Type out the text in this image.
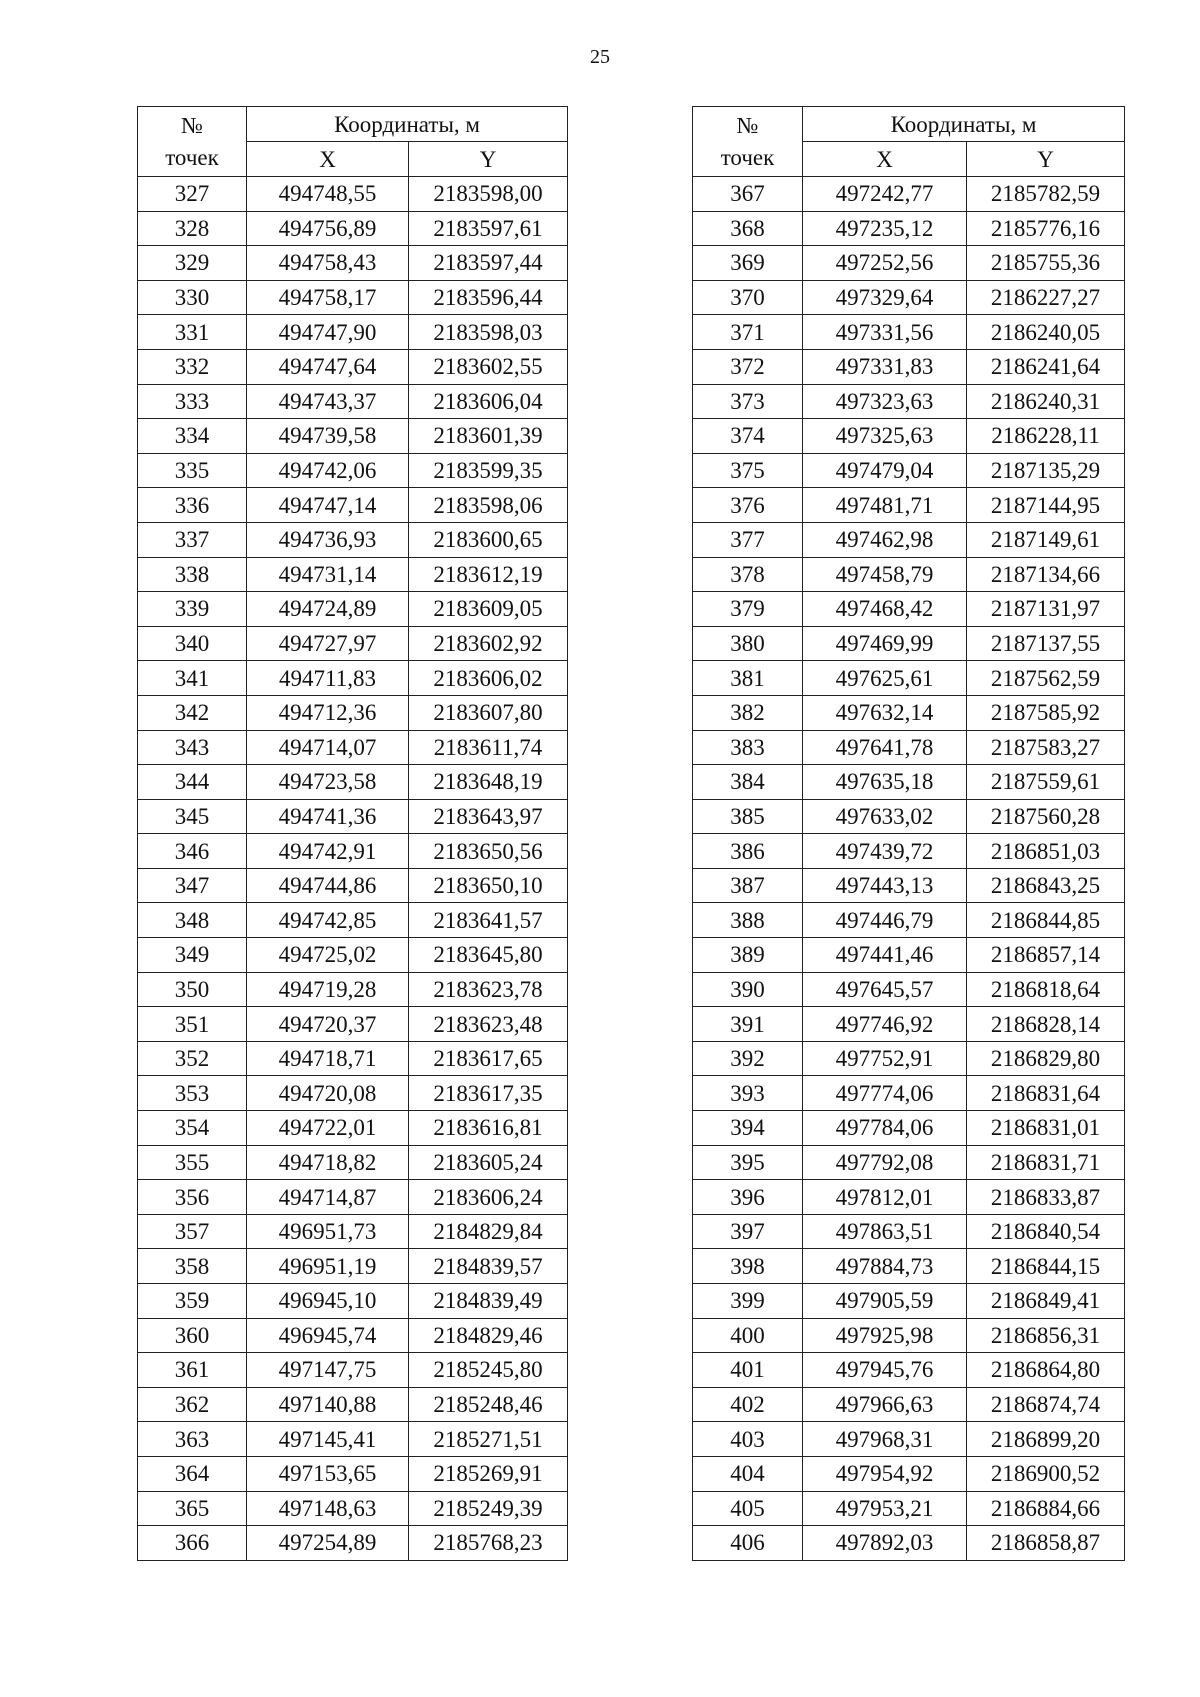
25
№
точек	Координаты, м	
	X	Y
327	494748,55	2183598,00
328	494756,89	2183597,61
329	494758,43	2183597,44
330	494758,17	2183596,44
331	494747,90	2183598,03
332	494747,64	2183602,55
333	494743,37	2183606,04
334	494739,58	2183601,39
335	494742,06	2183599,35
336	494747,14	2183598,06
337	494736,93	2183600,65
338	494731,14	2183612,19
339	494724,89	2183609,05
340	494727,97	2183602,92
341	494711,83	2183606,02
342	494712,36	2183607,80
343	494714,07	2183611,74
344	494723,58	2183648,19
345	494741,36	2183643,97
346	494742,91	2183650,56
347	494744,86	2183650,10
348	494742,85	2183641,57
349	494725,02	2183645,80
350	494719,28	2183623,78
351	494720,37	2183623,48
352	494718,71	2183617,65
353	494720,08	2183617,35
354	494722,01	2183616,81
355	494718,82	2183605,24
356	494714,87	2183606,24
357	496951,73	2184829,84
358	496951,19	2184839,57
359	496945,10	2184839,49
360	496945,74	2184829,46
361	497147,75	2185245,80
362	497140,88	2185248,46
363	497145,41	2185271,51
364	497153,65	2185269,91
365	497148,63	2185249,39
366	497254,89	2185768,23
№
точек	Координаты, м	
	X	Y
367	497242,77	2185782,59
368	497235,12	2185776,16
369	497252,56	2185755,36
370	497329,64	2186227,27
371	497331,56	2186240,05
372	497331,83	2186241,64
373	497323,63	2186240,31
374	497325,63	2186228,11
375	497479,04	2187135,29
376	497481,71	2187144,95
377	497462,98	2187149,61
378	497458,79	2187134,66
379	497468,42	2187131,97
380	497469,99	2187137,55
381	497625,61	2187562,59
382	497632,14	2187585,92
383	497641,78	2187583,27
384	497635,18	2187559,61
385	497633,02	2187560,28
386	497439,72	2186851,03
387	497443,13	2186843,25
388	497446,79	2186844,85
389	497441,46	2186857,14
390	497645,57	2186818,64
391	497746,92	2186828,14
392	497752,91	2186829,80
393	497774,06	2186831,64
394	497784,06	2186831,01
395	497792,08	2186831,71
396	497812,01	2186833,87
397	497863,51	2186840,54
398	497884,73	2186844,15
399	497905,59	2186849,41
400	497925,98	2186856,31
401	497945,76	2186864,80
402	497966,63	2186874,74
403	497968,31	2186899,20
404	497954,92	2186900,52
405	497953,21	2186884,66
406	497892,03	2186858,87
